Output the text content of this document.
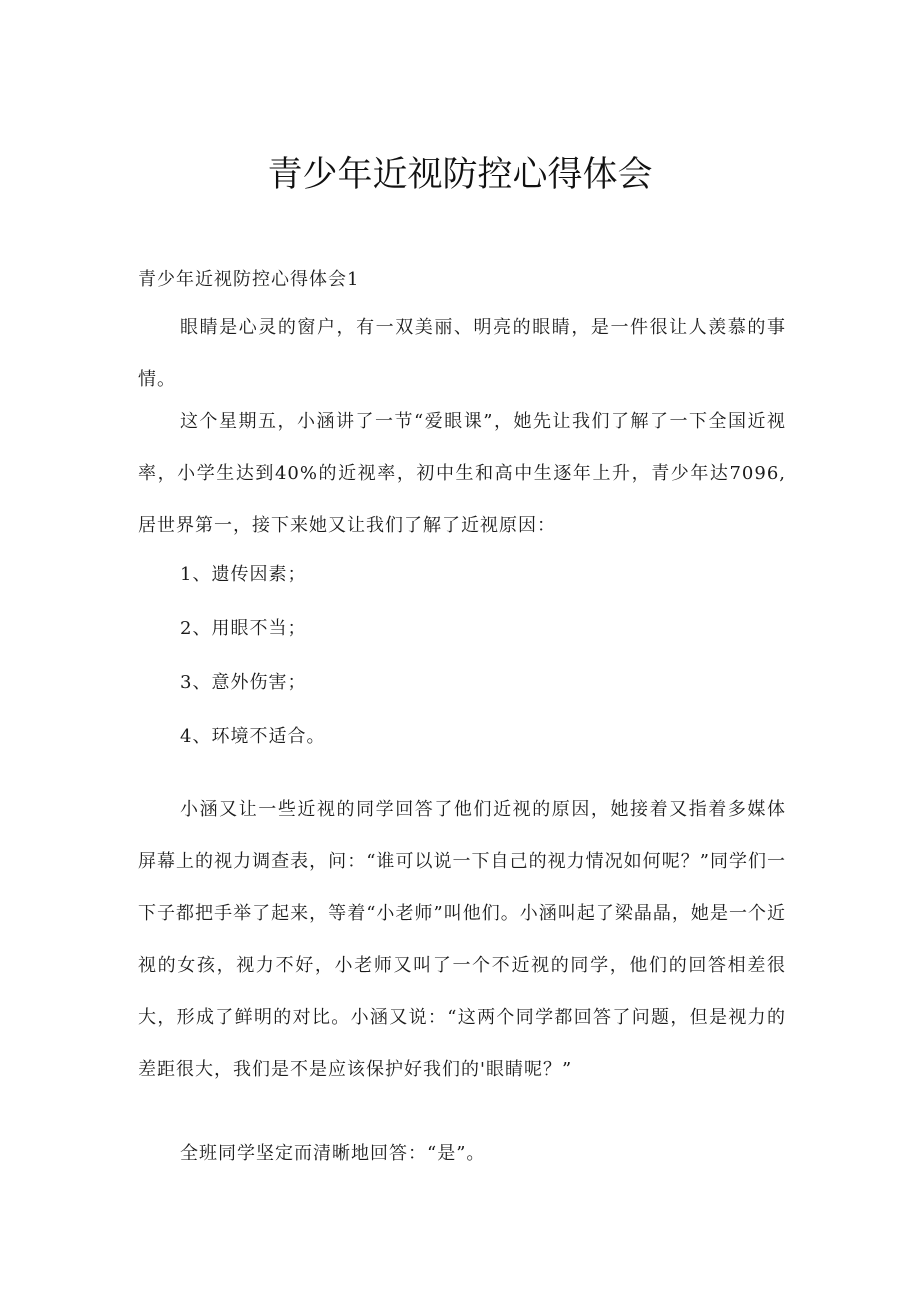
青少年近视防控心得体会
青少年近视防控心得体会1
眼睛是心灵的窗户，有一双美丽、明亮的眼睛，是一件很让人羡慕的事情。
这个星期五，小涵讲了一节“爱眼课”，她先让我们了解了一下全国近视率，小学生达到40%的近视率，初中生和高中生逐年上升，青少年达7096,居世界第一，接下来她又让我们了解了近视原因：
1、遗传因素；
2、用眼不当；
3、意外伤害；
4、环境不适合。
小涵又让一些近视的同学回答了他们近视的原因，她接着又指着多媒体屏幕上的视力调查表，问：“谁可以说一下自己的视力情况如何呢？”同学们一下子都把手举了起来，等着“小老师”叫他们。小涵叫起了梁晶晶，她是一个近视的女孩，视力不好，小老师又叫了一个不近视的同学，他们的回答相差很大，形成了鲜明的对比。小涵又说：“这两个同学都回答了问题，但是视力的差距很大，我们是不是应该保护好我们的'眼睛呢？”
全班同学坚定而清晰地回答：“是”。
